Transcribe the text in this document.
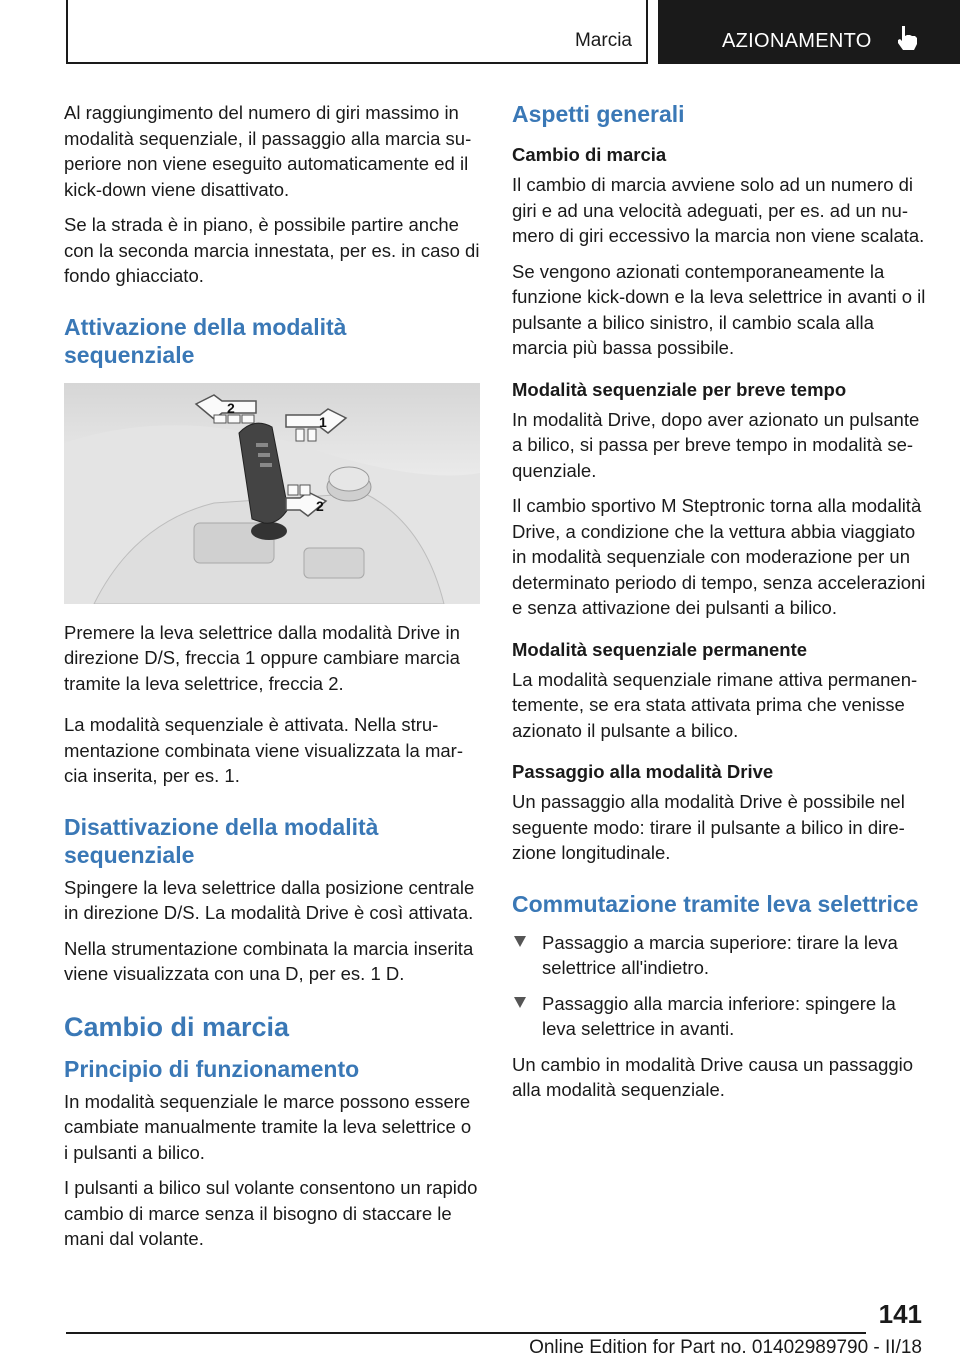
Marcia	AZIONAMENTO

Al raggiungimento del numero di giri massimo in modalità sequenziale, il passaggio alla marcia superiore non viene eseguito automaticamente ed il kick-down viene disattivato.

Se la strada è in piano, è possibile partire anche con la seconda marcia innestata, per es. in caso di fondo ghiacciato.

Attivazione della modalità sequenziale
2
1
2

Premere la leva selettrice dalla modalità Drive in direzione D/S, freccia 1 oppure cambiare marcia tramite la leva selettrice, freccia 2.

La modalità sequenziale è attivata. Nella strumentazione combinata viene visualizzata la marcia inserita, per es. 1.

Disattivazione della modalità sequenziale

Spingere la leva selettrice dalla posizione centrale in direzione D/S. La modalità Drive è così attivata.

Nella strumentazione combinata la marcia inserita viene visualizzata con una D, per es. 1 D.

Cambio di marcia
Principio di funzionamento

In modalità sequenziale le marce possono essere cambiate manualmente tramite la leva selettrice o i pulsanti a bilico.

I pulsanti a bilico sul volante consentono un rapido cambio di marce senza il bisogno di staccare le mani dal volante.

Aspetti generali
Cambio di marcia

Il cambio di marcia avviene solo ad un numero di giri e ad una velocità adeguati, per es. ad un numero di giri eccessivo la marcia non viene scalata.

Se vengono azionati contemporaneamente la funzione kick-down e la leva selettrice in avanti o il pulsante a bilico sinistro, il cambio scala alla marcia più bassa possibile.

Modalità sequenziale per breve tempo

In modalità Drive, dopo aver azionato un pulsante a bilico, si passa per breve tempo in modalità sequenziale.

Il cambio sportivo M Steptronic torna alla modalità Drive, a condizione che la vettura abbia viaggiato in modalità sequenziale con moderazione per un determinato periodo di tempo, senza accelerazioni e senza attivazione dei pulsanti a bilico.

Modalità sequenziale permanente

La modalità sequenziale rimane attiva permanentemente, se era stata attivata prima che venisse azionato il pulsante a bilico.

Passaggio alla modalità Drive

Un passaggio alla modalità Drive è possibile nel seguente modo: tirare il pulsante a bilico in direzione longitudinale.

Commutazione tramite leva selettrice
Passaggio a marcia superiore: tirare la leva selettrice all'indietro.
Passaggio alla marcia inferiore: spingere la leva selettrice in avanti.

Un cambio in modalità Drive causa un passaggio alla modalità sequenziale.

141
Online Edition for Part no. 01402989790 - II/18
